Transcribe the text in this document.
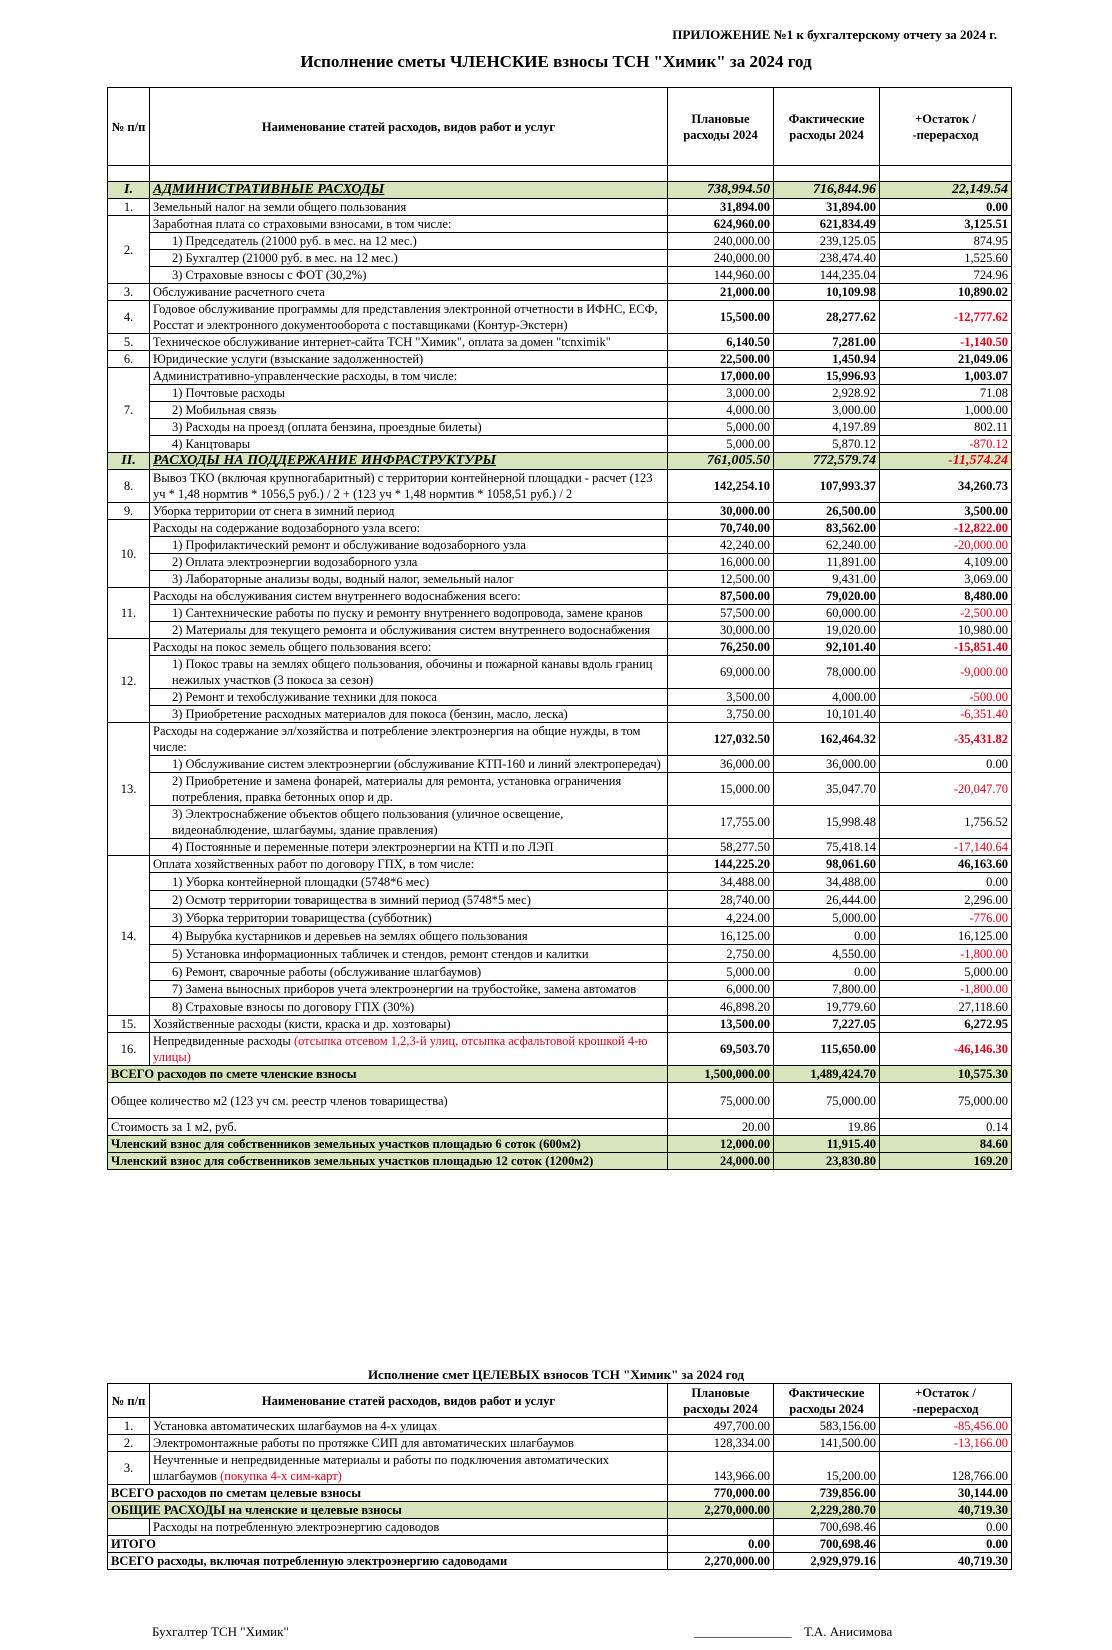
ПРИЛОЖЕНИЕ №1 к бухгалтерскому отчету за 2024 г.
Исполнение сметы ЧЛЕНСКИЕ взносы ТСН "Химик" за 2024 год
№ п/п	Наименование статей расходов, видов работ и услуг	Плановые расходы 2024	Фактические расходы 2024	+Остаток / -перерасход

I.	АДМИНИСТРАТИВНЫЕ РАСХОДЫ	738,994.50	716,844.96	22,149.54
1.	Земельный налог на земли общего пользования	31,894.00	31,894.00	0.00
2.	Заработная плата со страховыми взносами, в том числе:	624,960.00	621,834.49	3,125.51
	1) Председатель (21000 руб. в мес. на 12 мес.)	240,000.00	239,125.05	874.95
	2) Бухгалтер (21000 руб. в мес. на 12 мес.)	240,000.00	238,474.40	1,525.60
	3) Страховые взносы с ФОТ (30,2%)	144,960.00	144,235.04	724.96
3.	Обслуживание расчетного счета	21,000.00	10,109.98	10,890.02
4.	Годовое обслуживание программы для представления электронной отчетности в ИФНС, ЕСФ, Росстат и электронного документооборота с поставщиками (Контур-Экстерн)	15,500.00	28,277.62	-12,777.62
5.	Техническое обслуживание интернет-сайта ТСН "Химик", оплата за домен "tcnximik"	6,140.50	7,281.00	-1,140.50
6.	Юридические услуги (взыскание задолженностей)	22,500.00	1,450.94	21,049.06
7.	Административно-управленческие расходы, в том числе:	17,000.00	15,996.93	1,003.07
	1) Почтовые расходы	3,000.00	2,928.92	71.08
	2) Мобильная связь	4,000.00	3,000.00	1,000.00
	3) Расходы на проезд (оплата бензина, проездные билеты)	5,000.00	4,197.89	802.11
	4) Канцтовары	5,000.00	5,870.12	-870.12
II.	РАСХОДЫ НА ПОДДЕРЖАНИЕ ИНФРАСТРУКТУРЫ	761,005.50	772,579.74	-11,574.24
8.	Вывоз ТКО (включая крупногабаритный) с территории контейнерной площадки - расчет (123 уч * 1,48 нормтив * 1056,5 руб.) / 2 + (123 уч * 1,48 нормтив * 1058,51 руб.) / 2	142,254.10	107,993.37	34,260.73
9.	Уборка территории от снега в зимний период	30,000.00	26,500.00	3,500.00
10.	Расходы на содержание водозаборного узла всего:	70,740.00	83,562.00	-12,822.00
	1) Профилактический ремонт и обслуживание водозаборного узла	42,240.00	62,240.00	-20,000.00
	2) Оплата электроэнергии водозаборного узла	16,000.00	11,891.00	4,109.00
	3) Лабораторные анализы воды, водный налог, земельный налог	12,500.00	9,431.00	3,069.00
11.	Расходы на обслуживания систем внутреннего водоснабжения всего:	87,500.00	79,020.00	8,480.00
	1) Сантехнические работы по пуску и ремонту внутреннего водопровода, замене кранов	57,500.00	60,000.00	-2,500.00
	2) Материалы для текущего ремонта и обслуживания систем внутреннего водоснабжения	30,000.00	19,020.00	10,980.00
12.	Расходы на покос земель общего пользования всего:	76,250.00	92,101.40	-15,851.40
	1) Покос травы на землях общего пользования, обочины и пожарной канавы вдоль границ нежилых участков (3 покоса за сезон)	69,000.00	78,000.00	-9,000.00
	2) Ремонт и техобслуживание техники для покоса	3,500.00	4,000.00	-500.00
	3) Приобретение расходных материалов для покоса (бензин, масло, леска)	3,750.00	10,101.40	-6,351.40
13.	Расходы на содержание эл/хозяйства и потребление электроэнергия на общие нужды, в том числе:	127,032.50	162,464.32	-35,431.82
	1) Обслуживание систем электроэнергии (обслуживание КТП-160 и линий электропередач)	36,000.00	36,000.00	0.00
	2) Приобретение и замена фонарей, материалы для ремонта, установка ограничения потребления, правка бетонных опор и др.	15,000.00	35,047.70	-20,047.70
	3) Электроснабжение объектов общего пользования (уличное освещение, видеонаблюдение, шлагбаумы, здание правления)	17,755.00	15,998.48	1,756.52
	4) Постоянные и переменные потери электроэнергии на КТП и по ЛЭП	58,277.50	75,418.14	-17,140.64
14.	Оплата хозяйственных работ по договору ГПХ, в том числе:	144,225.20	98,061.60	46,163.60
	1) Уборка контейнерной площадки (5748*6 мес)	34,488.00	34,488.00	0.00
	2) Осмотр территории товарищества в зимний период (5748*5 мес)	28,740.00	26,444.00	2,296.00
	3) Уборка территории товарищества (субботник)	4,224.00	5,000.00	-776.00
	4) Вырубка кустарников и деревьев на землях общего пользования	16,125.00	0.00	16,125.00
	5) Установка информационных табличек и стендов, ремонт стендов и калитки	2,750.00	4,550.00	-1,800.00
	6) Ремонт, сварочные работы (обслуживание шлагбаумов)	5,000.00	0.00	5,000.00
	7) Замена выносных приборов учета электроэнергии на трубостойке, замена автоматов	6,000.00	7,800.00	-1,800.00
	8) Страховые взносы по договору ГПХ (30%)	46,898.20	19,779.60	27,118.60
15.	Хозяйственные расходы (кисти, краска и др. хозтовары)	13,500.00	7,227.05	6,272.95
16.	Непредвиденные расходы (отсыпка отсевом 1,2,3-й улиц, отсыпка асфальтовой крошкой 4-ю улицы)	69,503.70	115,650.00	-46,146.30
ВСЕГО расходов по смете членские взносы		1,500,000.00	1,489,424.70	10,575.30
Общее количество м2 (123 уч см. реестр членов товарищества)		75,000.00	75,000.00	75,000.00
Стоимость за 1 м2, руб.		20.00	19.86	0.14
Членский взнос для собственников земельных участков площадью 6 соток (600м2)		12,000.00	11,915.40	84.60
Членский взнос для собственников земельных участков площадью 12 соток (1200м2)		24,000.00	23,830.80	169.20
Исполнение смет ЦЕЛЕВЫХ взносов ТСН "Химик" за 2024 год
№ п/п	Наименование статей расходов, видов работ и услуг	Плановые расходы 2024	Фактические расходы 2024	+Остаток / -перерасход
1.	Установка автоматических шлагбаумов на 4-х улицах	497,700.00	583,156.00	-85,456.00
2.	Электромонтажные работы по протяжке СИП для автоматических шлагбаумов	128,334.00	141,500.00	-13,166.00
3.	Неучтенные и непредвиденные материалы и работы по подключения автоматических шлагбаумов (покупка 4-х сим-карт)	143,966.00	15,200.00	128,766.00
ВСЕГО расходов по сметам целевые взносы		770,000.00	739,856.00	30,144.00
ОБЩИЕ РАСХОДЫ на членские и целевые взносы		2,270,000.00	2,229,280.70	40,719.30
	Расходы на потребленную электроэнергию садоводов		700,698.46	0.00
ИТОГО		0.00	700,698.46	0.00
ВСЕГО расходы, включая потребленную электроэнергию садоводами		2,270,000.00	2,929,979.16	40,719.30
Бухгалтер ТСН "Химик"	_______________ Т.А. Анисимова
